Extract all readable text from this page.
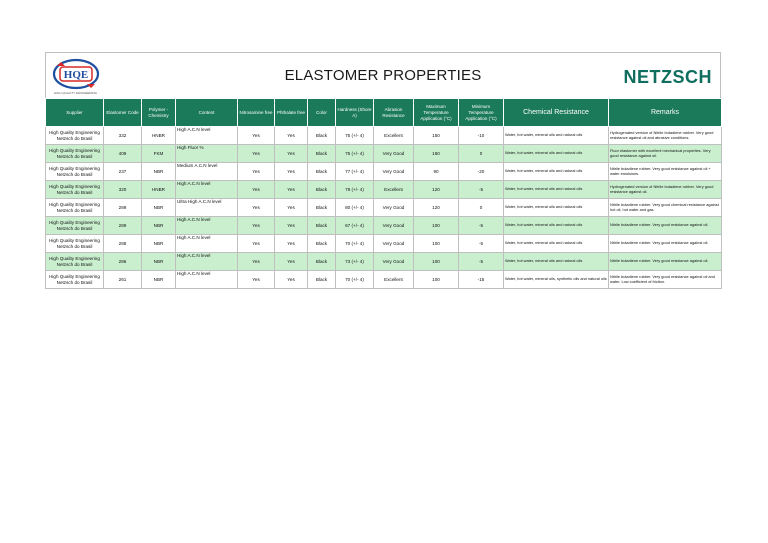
HQE
HIGH QUALITY ENGINEERING
ELASTOMER PROPERTIES	NETZSCH
Supplier	Elastomer Code	Polymer - Chemistry	Content	Nitrosamine free	Phthalate free	Color	Hardness (Shore A)	Abrasion Resistance	Maximum Temperature Application (°C)	Minimum Temperature Application (°C)	Chemical Resistance	Remarks
High Quality Engineering Netzsch do Brasil	332	HNBR	High A.C.N level	Yes	Yes	Black	75 (+/- 4)	Excellent	150	-10	Water, hot water, mineral oils and natural oils	Hydrogenated version of Nitrile butadiene rubber. Very good resistance against oil and abrasive conditions.
High Quality Engineering Netzsch do Brasil	409	FKM	High Fluor %	Yes	Yes	Black	75 (+/- 4)	Very Good	160	0	Water, hot water, mineral oils and natural oils	Fluor elastomer with excellent mechanical properties. Very good resistance against oil.
High Quality Engineering Netzsch do Brasil	237	NBR	Medium A.C.N level	Yes	Yes	Black	77 (+/- 4)	Very Good	90	-20	Water, hot water, mineral oils and natural oils	Nitrile butadiene rubber. Very good resistance against oil + water emulsions.
High Quality Engineering Netzsch do Brasil	320	HNBR	High A.C.N level	Yes	Yes	Black	78 (+/- 4)	Excellent	120	-5	Water, hot water, mineral oils and natural oils	Hydrogenated version of Nitrile butadiene rubber. Very good resistance against oil.
High Quality Engineering Netzsch do Brasil	289	NBR	Ultra High A.C.N level	Yes	Yes	Black	80 (+/- 4)	Very Good	120	0	Water, hot water, mineral oils and natural oils	Nitrile butadiene rubber. Very good chemical resistance against hot oil, hot water and gas.
High Quality Engineering Netzsch do Brasil	289	NBR	High A.C.N level	Yes	Yes	Black	67 (+/- 4)	Very Good	100	-5	Water, hot water, mineral oils and natural oils	Nitrile butadiene rubber. Very good resistance against oil.
High Quality Engineering Netzsch do Brasil	288	NBR	High A.C.N level	Yes	Yes	Black	70 (+/- 4)	Very Good	100	-5	Water, hot water, mineral oils and natural oils	Nitrile butadiene rubber. Very good resistance against oil.
High Quality Engineering Netzsch do Brasil	286	NBR	High A.C.N level	Yes	Yes	Black	73 (+/- 4)	Very Good	100	-5	Water, hot water, mineral oils and natural oils	Nitrile butadiene rubber. Very good resistance against oil.
High Quality Engineering Netzsch do Brasil	261	NBR	High A.C.N level	Yes	Yes	Black	70 (+/- 4)	Excellent	100	-15	Water, hot water, mineral oils, synthetic oils and natural oils	Nitrile butadiene rubber. Very good resistance against oil and water. Low coefficient of friction.
